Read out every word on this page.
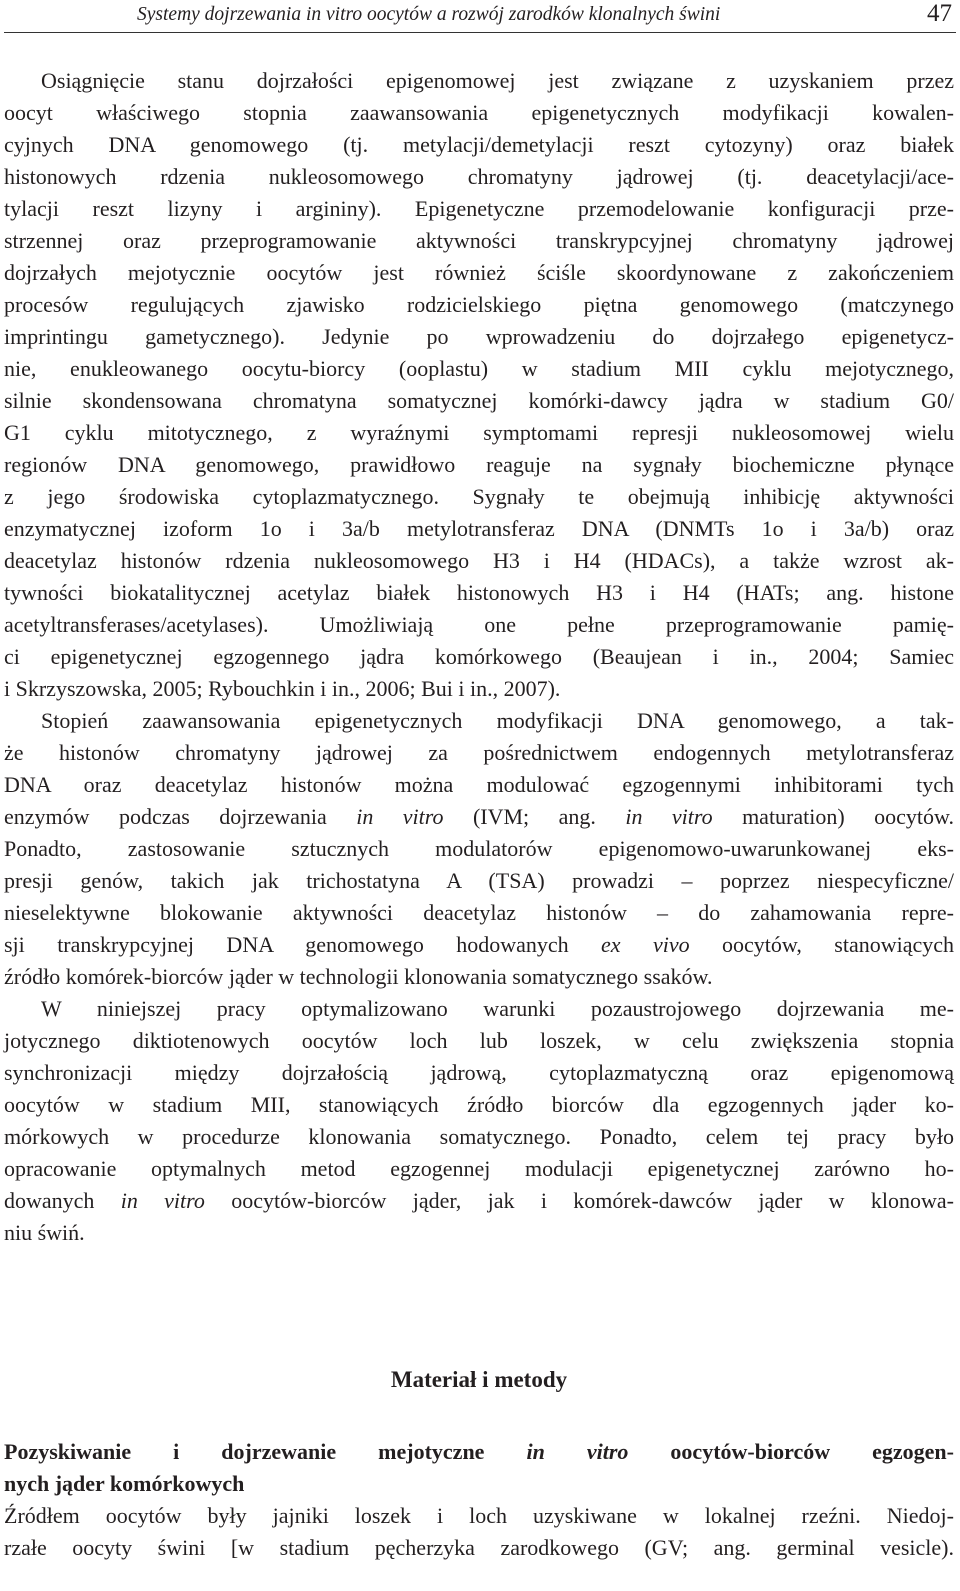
Systemy dojrzewania in vitro oocytów a rozwój zarodków klonalnych świni	47
Osiągnięcie stanu dojrzałości epigenomowej jest związane z uzyskaniem przez
oocyt właściwego stopnia zaawansowania epigenetycznych modyfikacji kowalen-
cyjnych DNA genomowego (tj. metylacji/demetylacji reszt cytozyny) oraz białek
histonowych rdzenia nukleosomowego chromatyny jądrowej (tj. deacetylacji/ace-
tylacji reszt lizyny i argininy). Epigenetyczne przemodelowanie konfiguracji prze-
strzennej oraz przeprogramowanie aktywności transkrypcyjnej chromatyny jądrowej
dojrzałych mejotycznie oocytów jest również ściśle skoordynowane z zakończeniem
procesów regulujących zjawisko rodzicielskiego piętna genomowego (matczynego
imprintingu gametycznego). Jedynie po wprowadzeniu do dojrzałego epigenetycz-
nie, enukleowanego oocytu-biorcy (ooplastu) w stadium MII cyklu mejotycznego,
silnie skondensowana chromatyna somatycznej komórki-dawcy jądra w stadium G0/
G1 cyklu mitotycznego, z wyraźnymi symptomami represji nukleosomowej wielu
regionów DNA genomowego, prawidłowo reaguje na sygnały biochemiczne płynące
z jego środowiska cytoplazmatycznego. Sygnały te obejmują inhibicję aktywności
enzymatycznej izoform 1o i 3a/b metylotransferaz DNA (DNMTs 1o i 3a/b) oraz
deacetylaz histonów rdzenia nukleosomowego H3 i H4 (HDACs), a także wzrost ak-
tywności biokatalitycznej acetylaz białek histonowych H3 i H4 (HATs; ang. histone
acetyltransferases/acetylases). Umożliwiają one pełne przeprogramowanie pamię-
ci epigenetycznej egzogennego jądra komórkowego (Beaujean i in., 2004; Samiec
i Skrzyszowska, 2005; Rybouchkin i in., 2006; Bui i in., 2007).
Stopień zaawansowania epigenetycznych modyfikacji DNA genomowego, a tak-
że histonów chromatyny jądrowej za pośrednictwem endogennych metylotransferaz
DNA oraz deacetylaz histonów można modulować egzogennymi inhibitorami tych
enzymów podczas dojrzewania in vitro (IVM; ang. in vitro maturation) oocytów.
Ponadto, zastosowanie sztucznych modulatorów epigenomowo-uwarunkowanej eks-
presji genów, takich jak trichostatyna A (TSA) prowadzi – poprzez niespecyficzne/
nieselektywne blokowanie aktywności deacetylaz histonów – do zahamowania repre-
sji transkrypcyjnej DNA genomowego hodowanych ex vivo oocytów, stanowiących
źródło komórek-biorców jąder w technologii klonowania somatycznego ssaków.
W niniejszej pracy optymalizowano warunki pozaustrojowego dojrzewania me-
jotycznego diktiotenowych oocytów loch lub loszek, w celu zwiększenia stopnia
synchronizacji między dojrzałością jądrową, cytoplazmatyczną oraz epigenomową
oocytów w stadium MII, stanowiących źródło biorców dla egzogennych jąder ko-
mórkowych w procedurze klonowania somatycznego. Ponadto, celem tej pracy było
opracowanie optymalnych metod egzogennej modulacji epigenetycznej zarówno ho-
dowanych in vitro oocytów-biorców jąder, jak i komórek-dawców jąder w klonowa-
niu świń.
Materiał i metody
Pozyskiwanie i dojrzewanie mejotyczne in vitro oocytów-biorców egzogen-
nych jąder komórkowych
Źródłem oocytów były jajniki loszek i loch uzyskiwane w lokalnej rzeźni. Niedoj-
rzałe oocyty świni [w stadium pęcherzyka zarodkowego (GV; ang. germinal vesicle).
